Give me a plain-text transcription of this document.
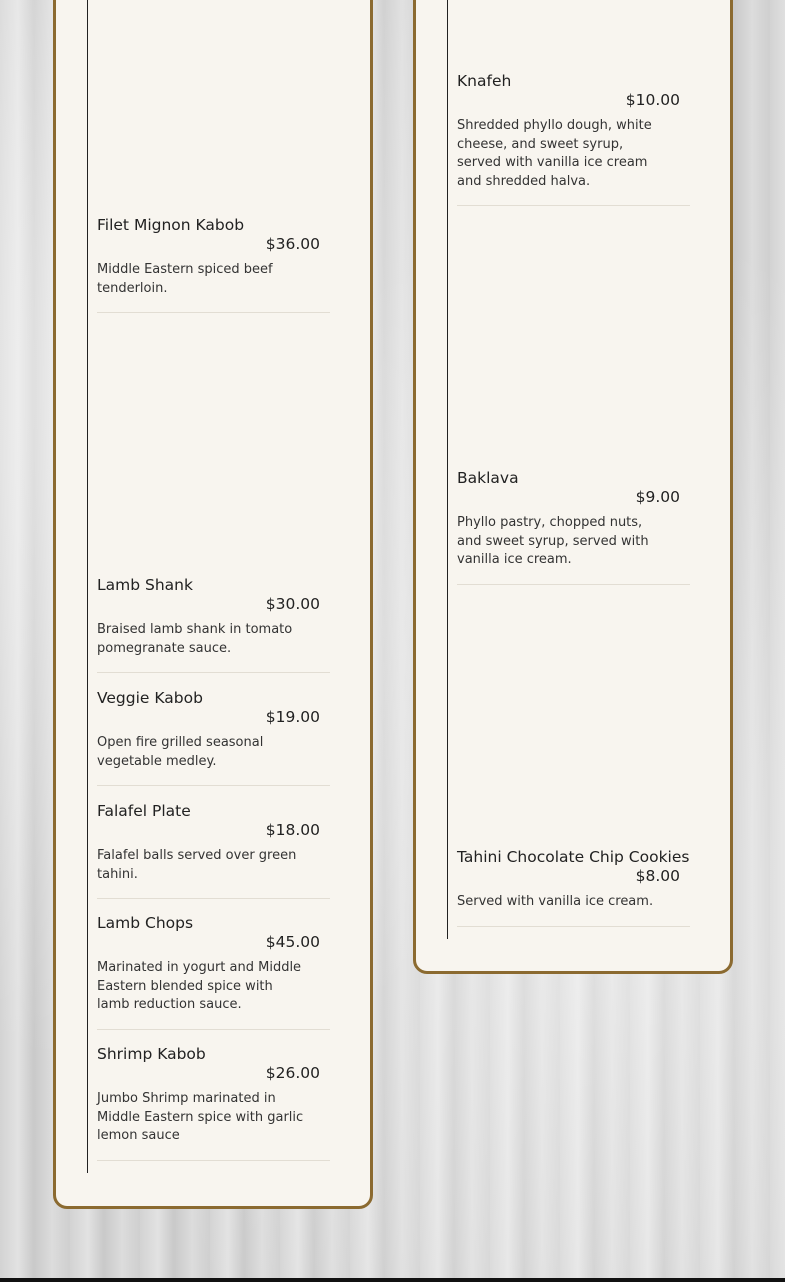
Filet Mignon Kabob
$36.00
Middle Eastern spiced beef tenderloin.
Lamb Shank
$30.00
Braised lamb shank in tomato pomegranate sauce.
Veggie Kabob
$19.00
Open fire grilled seasonal vegetable medley.
Falafel Plate
$18.00
Falafel balls served over green tahini.
Lamb Chops
$45.00
Marinated in yogurt and Middle Eastern blended spice with lamb reduction sauce.
Shrimp Kabob
$26.00
Jumbo Shrimp marinated in Middle Eastern spice with garlic lemon sauce
Knafeh
$10.00
Shredded phyllo dough, white cheese, and sweet syrup, served with vanilla ice cream and shredded halva.
Baklava
$9.00
Phyllo pastry, chopped nuts, and sweet syrup, served with vanilla ice cream.
Tahini Chocolate Chip Cookies
$8.00
Served with vanilla ice cream.
